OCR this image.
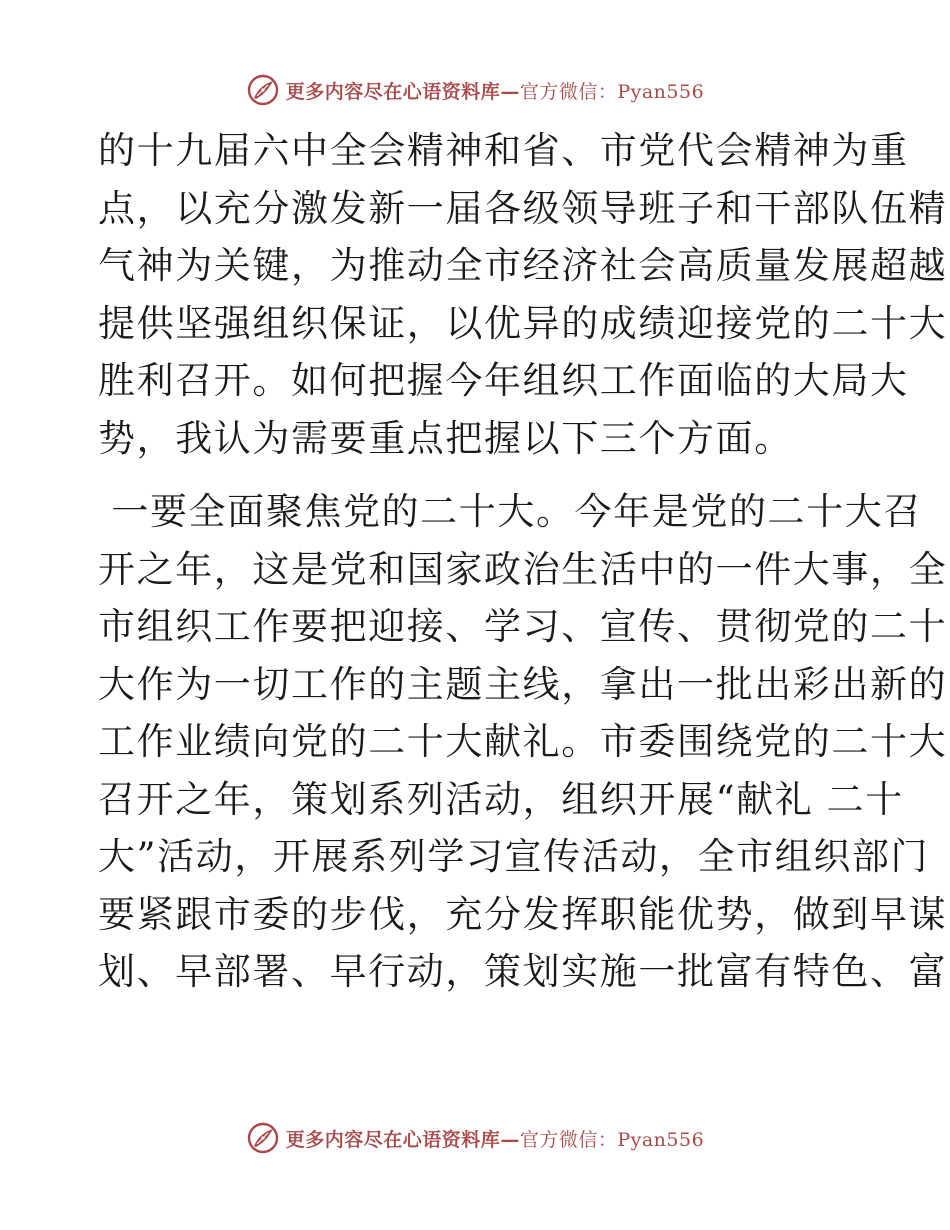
更多内容尽在心语资料库—官方微信：Pyan556

的十九届六中全会精神和省、市党代会精神为重
点，以充分激发新一届各级领导班子和干部队伍精
气神为关键，为推动全市经济社会高质量发展超越
提供坚强组织保证，以优异的成绩迎接党的二十大
胜利召开。如何把握今年组织工作面临的大局大
势，我认为需要重点把握以下三个方面。

一要全面聚焦党的二十大。今年是党的二十大召
开之年，这是党和国家政治生活中的一件大事，全
市组织工作要把迎接、学习、宣传、贯彻党的二十
大作为一切工作的主题主线，拿出一批出彩出新的
工作业绩向党的二十大献礼。市委围绕党的二十大
召开之年，策划系列活动，组织开展“献礼 二十
大”活动，开展系列学习宣传活动，全市组织部门
要紧跟市委的步伐，充分发挥职能优势，做到早谋
划、早部署、早行动，策划实施一批富有特色、富

更多内容尽在心语资料库—官方微信：Pyan556
